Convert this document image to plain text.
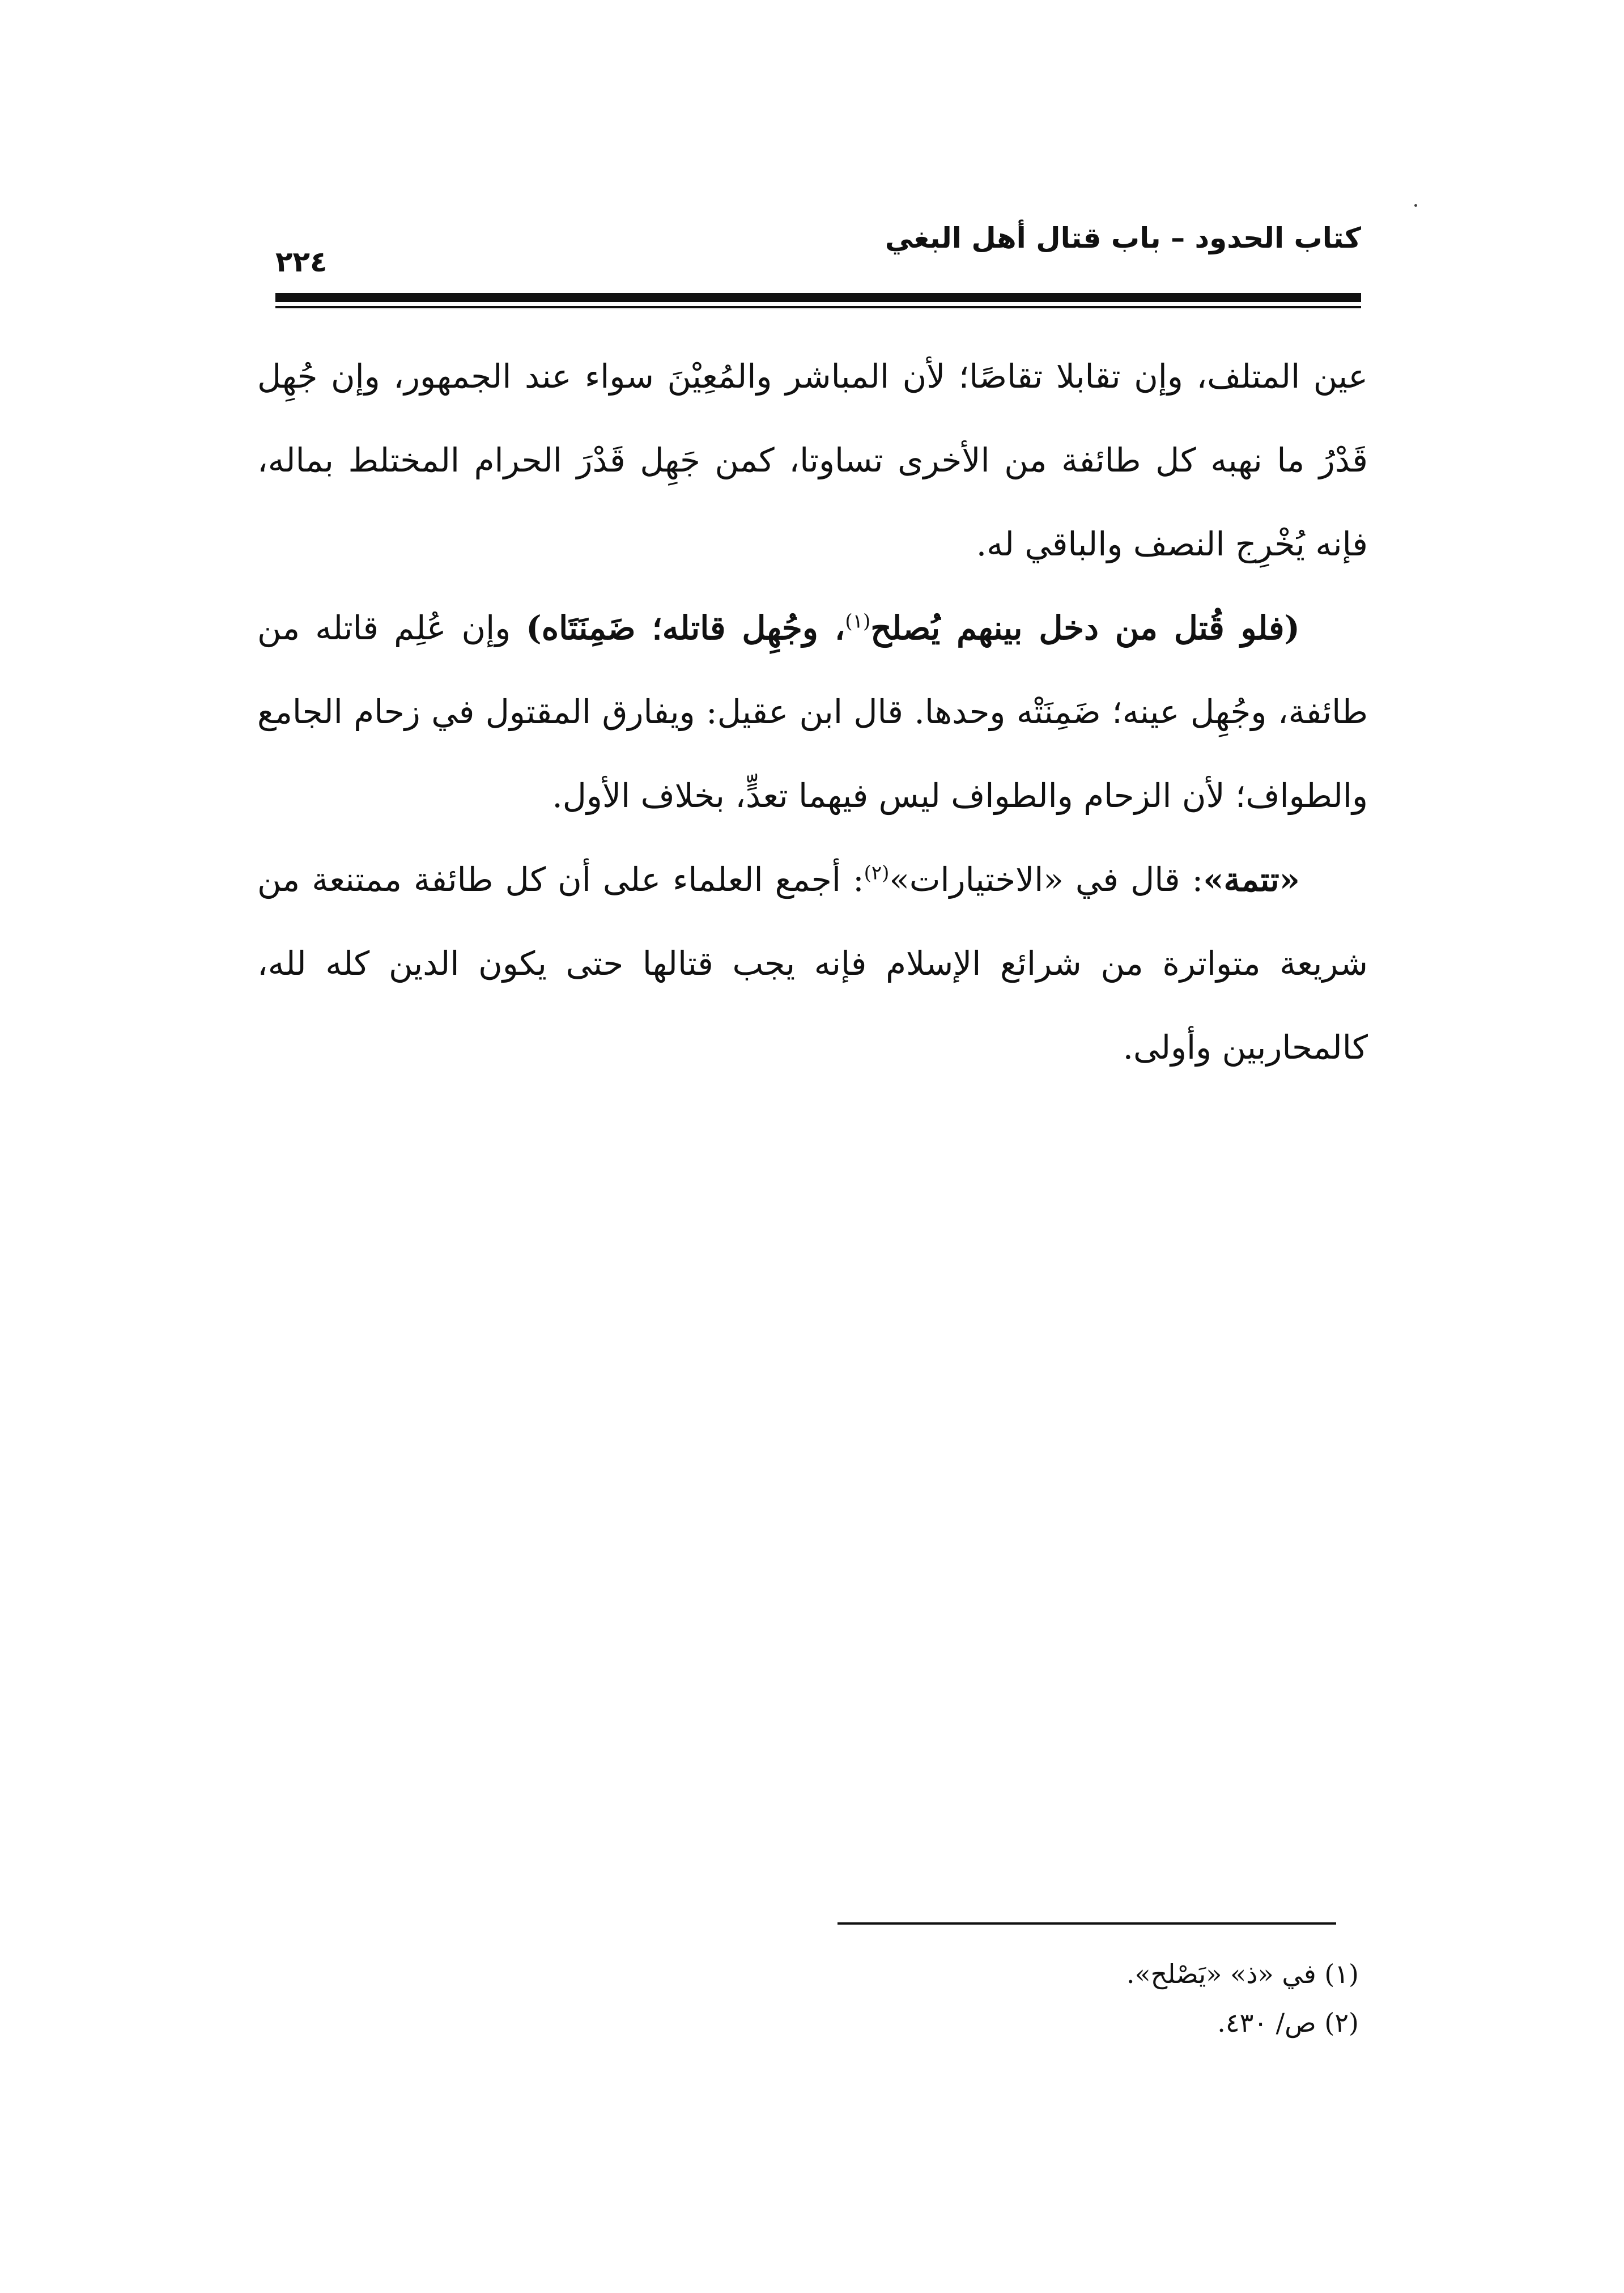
كتاب الحدود – باب قتال أهل البغي
٢٢٤

عين المتلف، وإن تقابلا تقاصًا؛ لأن المباشر والمُعِيْنَ سواء عند الجمهور، وإن جُهِل قَدْرُ ما نهبه كل طائفة من الأخرى تساوتا، كمن جَهِل قَدْرَ الحرام المختلط بماله، فإنه يُخْرِج النصف والباقي له.

(فلو قُتل من دخل بينهم يُصلح$^{(١)}$، وجُهِل قاتله؛ ضَمِنَتَاه) وإن عُلِم قاتله من طائفة، وجُهِل عينه؛ ضَمِنَتْه وحدها. قال ابن عقيل: ويفارق المقتول في زحام الجامع والطواف؛ لأن الزحام والطواف ليس فيهما تعدٍّ، بخلاف الأول.

«تتمة»: قال في «الاختيارات»$^{(٢)}$: أجمع العلماء على أن كل طائفة ممتنعة من شريعة متواترة من شرائع الإسلام فإنه يجب قتالها حتى يكون الدين كله لله، كالمحاربين وأولى.

(١) في «ذ» «يَصْلح».
(٢) ص/ ٤٣٠.
